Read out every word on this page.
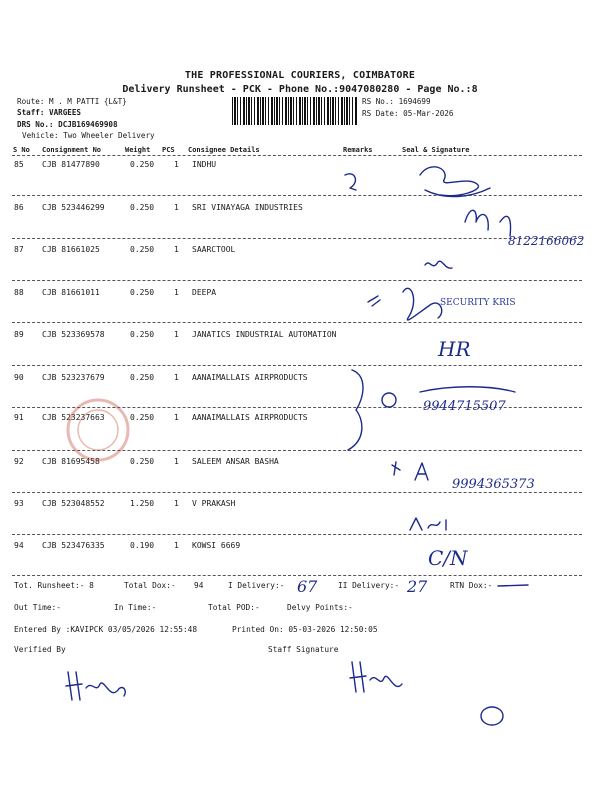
THE PROFESSIONAL COURIERS, COIMBATORE
Delivery Runsheet - PCK - Phone No.:9047080280 - Page No.:8
Route: M . M PATTI {L&T}
Staff: VARGEES
DRS No.: DCJB169469908
Vehicle: Two Wheeler Delivery
RS No.: 1694699
RS Date: 05-Mar-2026
S No Consignment No	Weight PCS Consignee Details	Remarks	Seal & Signature
85 CJB 81477890	0.250 1 INDHU
86 CJB 523446299	0.250 1 SRI VINAYAGA INDUSTRIES
87 CJB 81661025	0.250 1 SAARCTOOL
88 CJB 81661011	0.250 1 DEEPA
89 CJB 523369578	0.250 1 JANATICS INDUSTRIAL AUTOMATION
90 CJB 523237679	0.250 1 AANAIMALLAIS AIRPRODUCTS
91 CJB 523237663	0.250 1 AANAIMALLAIS AIRPRODUCTS
92 CJB 81695458	0.250 1 SALEEM ANSAR BASHA
93 CJB 523048552	1.250 1 V PRAKASH
94 CJB 523476335	0.190 1 KOWSI 6669
Tot. Runsheet:- 8	Total Dox:- 94	I Delivery:-	II Delivery:-	RTN Dox:-
Out Time:-	In Time:-	Total POD:-	Delvy Points:-
Entered By :KAVIPCK 03/05/2026 12:55:48	Printed On: 05-03-2026 12:50:05
Verified By	Staff Signature
8122166062
SECURITY KRIS
HR
9944715507
9994365373
C/N
67	27
